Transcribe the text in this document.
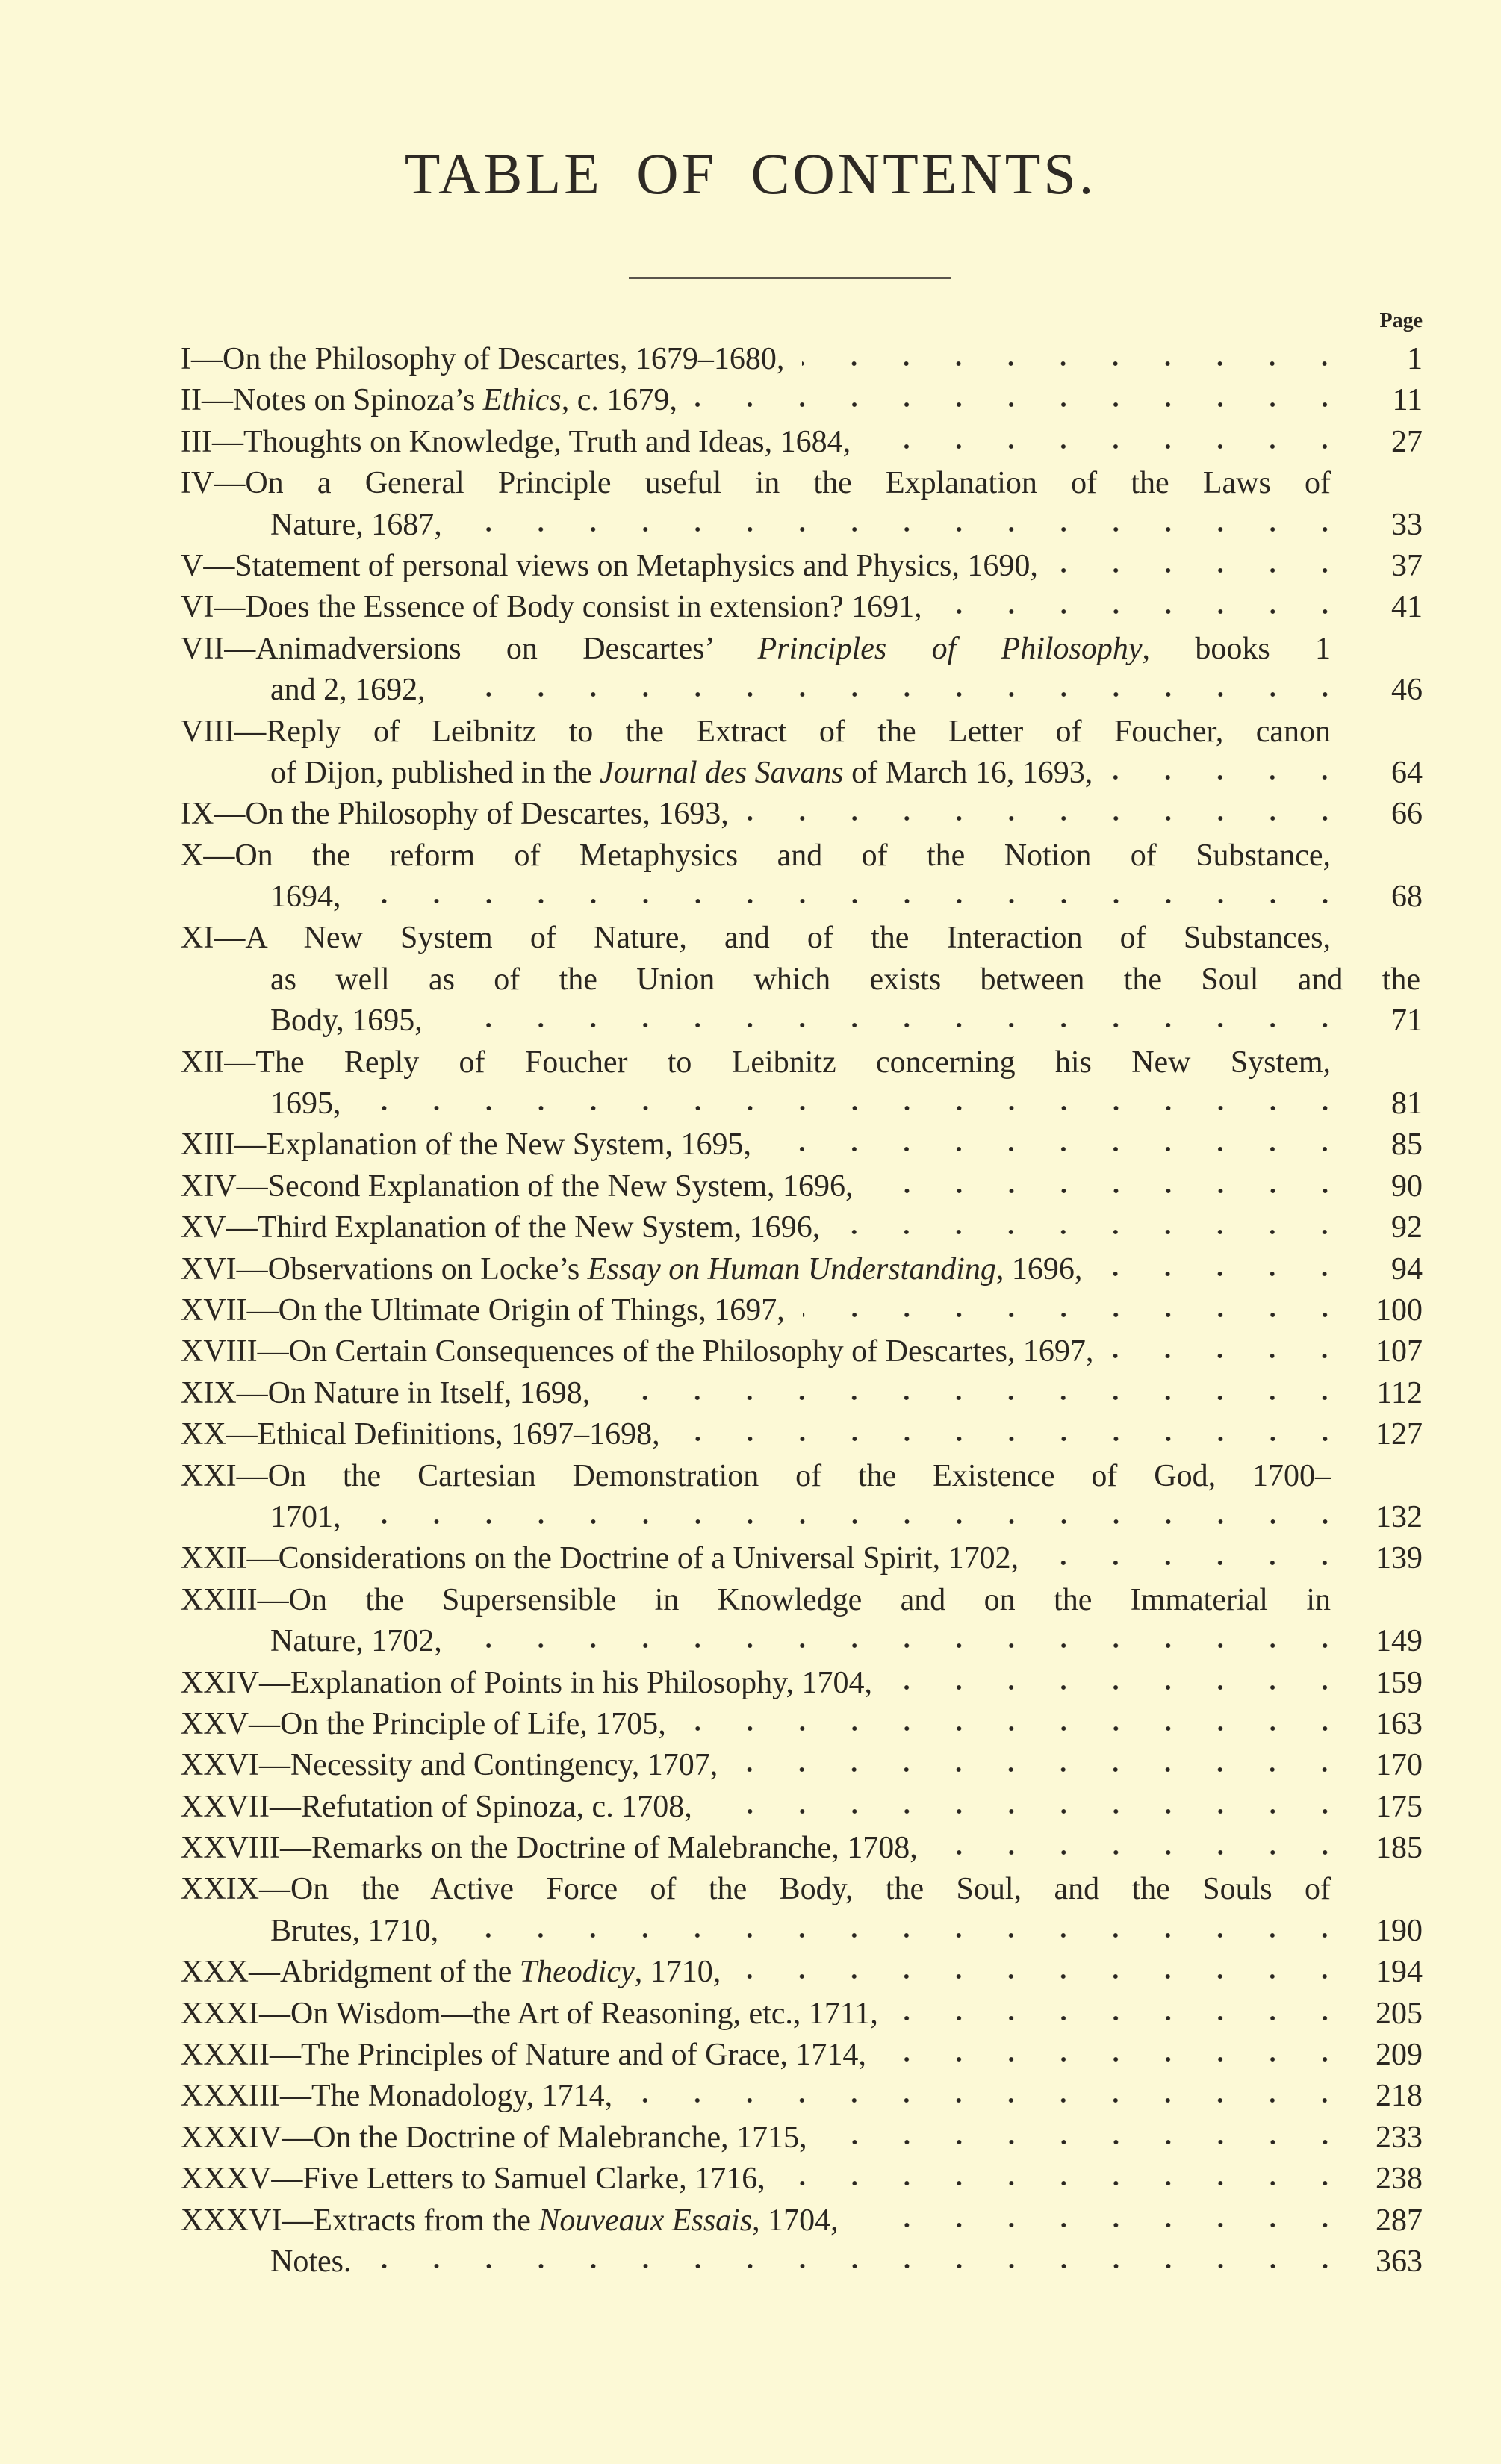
TABLE OF CONTENTS.
Page
I—On the Philosophy of Descartes, 1679–1680,	1
II—Notes on Spinoza’s Ethics, c. 1679,	11
III—Thoughts on Knowledge, Truth and Ideas, 1684,	27
IV—On a General Principle useful in the Explanation of the Laws of
Nature, 1687,	33
V—Statement of personal views on Metaphysics and Physics, 1690,	37
VI—Does the Essence of Body consist in extension? 1691,	41
VII—Animadversions on Descartes’ Principles of Philosophy, books 1
and 2, 1692,	46
VIII—Reply of Leibnitz to the Extract of the Letter of Foucher, canon
of Dijon, published in the Journal des Savans of March 16, 1693,	64
IX—On the Philosophy of Descartes, 1693,	66
X—On the reform of Metaphysics and of the Notion of Substance,
1694,	68
XI—A New System of Nature, and of the Interaction of Substances,
as well as of the Union which exists between the Soul and the
Body, 1695,	71
XII—The Reply of Foucher to Leibnitz concerning his New System,
1695,	81
XIII—Explanation of the New System, 1695,	85
XIV—Second Explanation of the New System, 1696,	90
XV—Third Explanation of the New System, 1696,	92
XVI—Observations on Locke’s Essay on Human Understanding, 1696,	94
XVII—On the Ultimate Origin of Things, 1697,	100
XVIII—On Certain Consequences of the Philosophy of Descartes, 1697,	107
XIX—On Nature in Itself, 1698,	112
XX—Ethical Definitions, 1697–1698,	127
XXI—On the Cartesian Demonstration of the Existence of God, 1700–
1701,	132
XXII—Considerations on the Doctrine of a Universal Spirit, 1702,	139
XXIII—On the Supersensible in Knowledge and on the Immaterial in
Nature, 1702,	149
XXIV—Explanation of Points in his Philosophy, 1704,	159
XXV—On the Principle of Life, 1705,	163
XXVI—Necessity and Contingency, 1707,	170
XXVII—Refutation of Spinoza, c. 1708,	175
XXVIII—Remarks on the Doctrine of Malebranche, 1708,	185
XXIX—On the Active Force of the Body, the Soul, and the Souls of
Brutes, 1710,	190
XXX—Abridgment of the Theodicy, 1710,	194
XXXI—On Wisdom—the Art of Reasoning, etc., 1711,	205
XXXII—The Principles of Nature and of Grace, 1714,	209
XXXIII—The Monadology, 1714,	218
XXXIV—On the Doctrine of Malebranche, 1715,	233
XXXV—Five Letters to Samuel Clarke, 1716,	238
XXXVI—Extracts from the Nouveaux Essais, 1704,	287
Notes.	363
